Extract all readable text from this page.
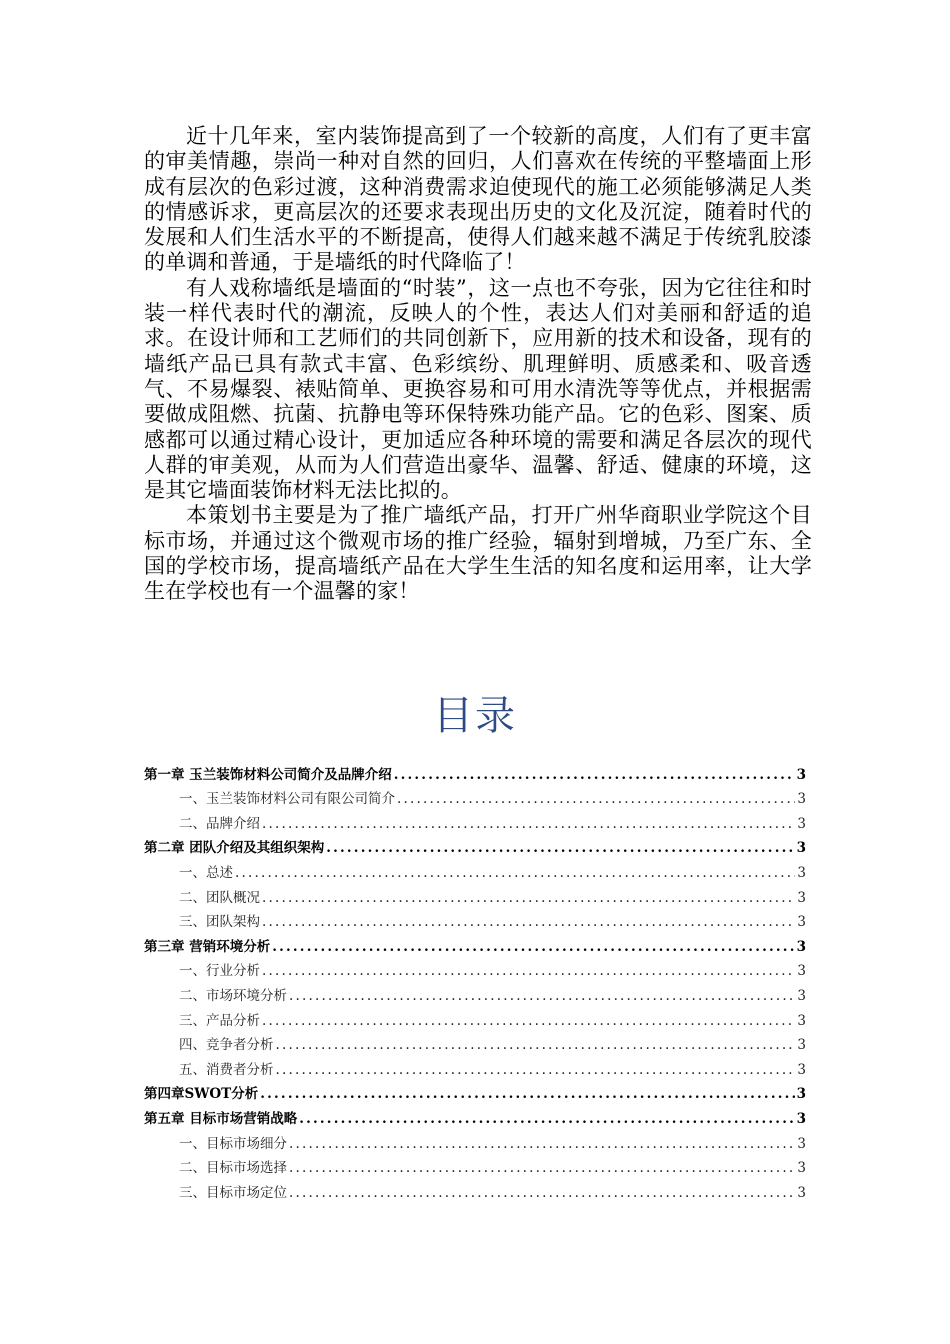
近十几年来，室内装饰提高到了一个较新的高度，人们有了更丰富的审美情趣，崇尚一种对自然的回归，人们喜欢在传统的平整墙面上形成有层次的色彩过渡，这种消费需求迫使现代的施工必须能够满足人类的情感诉求，更高层次的还要求表现出历史的文化及沉淀，随着时代的发展和人们生活水平的不断提高，使得人们越来越不满足于传统乳胶漆的单调和普通，于是墙纸的时代降临了！

有人戏称墙纸是墙面的“时装”，这一点也不夸张，因为它往往和时装一样代表时代的潮流，反映人的个性，表达人们对美丽和舒适的追求。在设计师和工艺师们的共同创新下，应用新的技术和设备，现有的墙纸产品已具有款式丰富、色彩缤纷、肌理鲜明、质感柔和、吸音透气、不易爆裂、裱贴简单、更换容易和可用水清洗等等优点，并根据需要做成阻燃、抗菌、抗静电等环保特殊功能产品。它的色彩、图案、质感都可以通过精心设计，更加适应各种环境的需要和满足各层次的现代人群的审美观，从而为人们营造出豪华、温馨、舒适、健康的环境，这是其它墙面装饰材料无法比拟的。

本策划书主要是为了推广墙纸产品，打开广州华商职业学院这个目标市场，并通过这个微观市场的推广经验，辐射到增城，乃至广东、全国的学校市场，提高墙纸产品在大学生生活的知名度和运用率，让大学生在学校也有一个温馨的家！

目录
第一章 玉兰装饰材料公司简介及品牌介绍 .....	3
一、玉兰装饰材料公司有限公司简介 .....	3
二、品牌介绍 .....	3
第二章 团队介绍及其组织架构 .....	3
一、总述 .....	3
二、团队概况 .....	3
三、团队架构 .....	3
第三章 营销环境分析 .....	3
一、行业分析 .....	3
二、市场环境分析 .....	3
三、产品分析 .....	3
四、竞争者分析 .....	3
五、消费者分析 .....	3
第四章SWOT分析 .....	3
第五章 目标市场营销战略 .....	3
一、目标市场细分 .....	3
二、目标市场选择 .....	3
三、目标市场定位 .....	3
